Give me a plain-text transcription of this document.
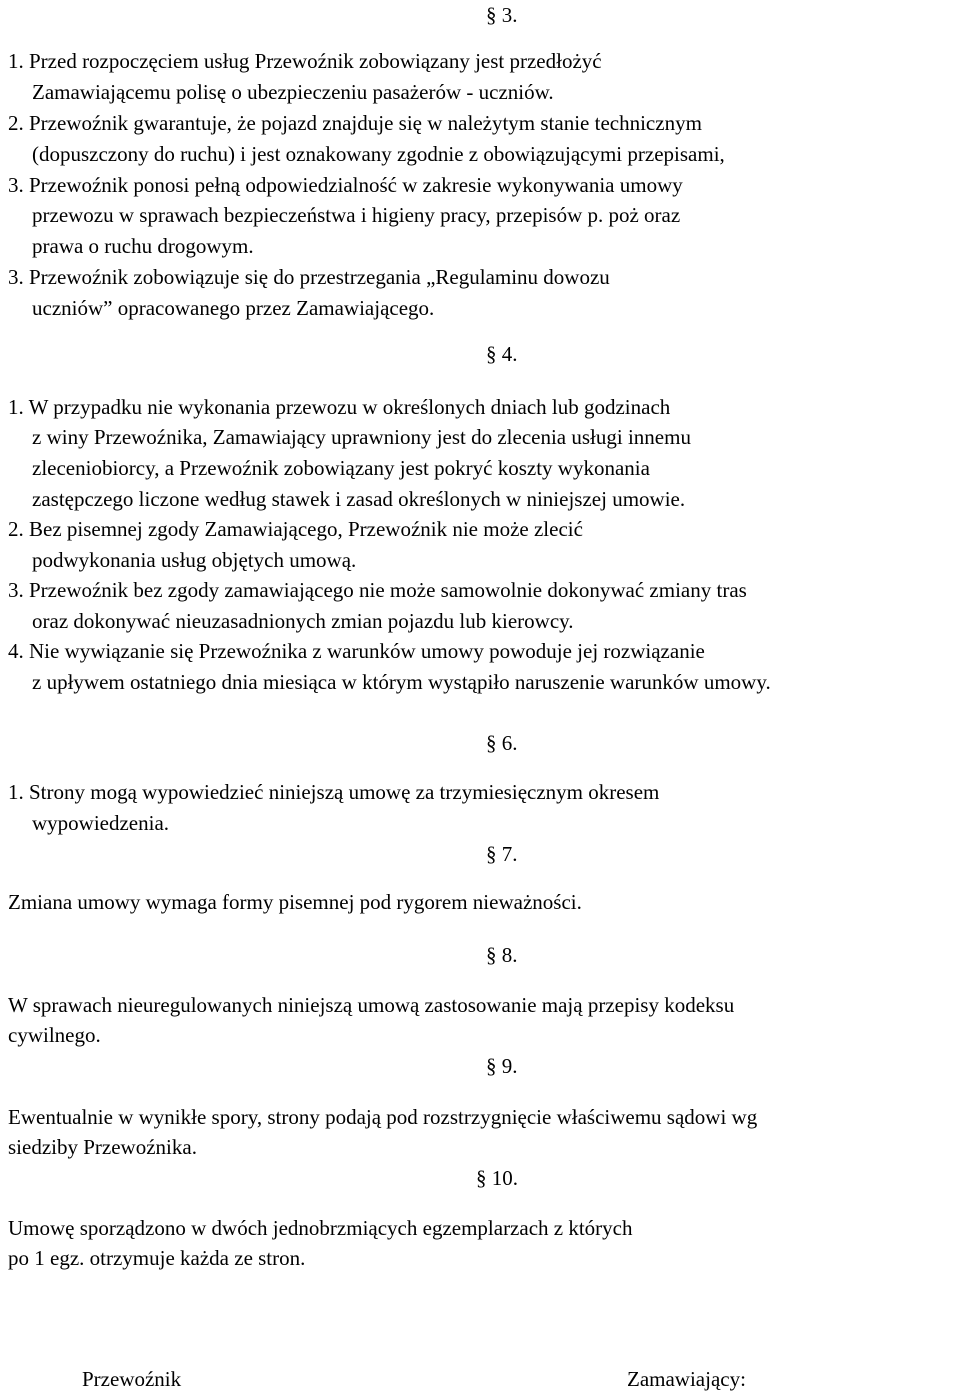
§ 3.
1. Przed rozpoczęciem usług Przewoźnik zobowiązany jest przedłożyć
Zamawiającemu polisę o ubezpieczeniu pasażerów - uczniów.
2. Przewoźnik gwarantuje, że pojazd znajduje się w należytym stanie technicznym
(dopuszczony do ruchu) i jest oznakowany zgodnie z obowiązującymi przepisami,
3. Przewoźnik ponosi pełną odpowiedzialność w zakresie wykonywania umowy
przewozu w sprawach bezpieczeństwa i higieny pracy, przepisów p. poż oraz
prawa o ruchu drogowym.
3. Przewoźnik zobowiązuje się do przestrzegania „Regulaminu dowozu
uczniów” opracowanego przez Zamawiającego.
§ 4.
1. W przypadku nie wykonania przewozu w określonych dniach lub godzinach
z winy Przewoźnika, Zamawiający uprawniony jest do zlecenia usługi innemu
zleceniobiorcy, a Przewoźnik zobowiązany jest pokryć koszty wykonania
zastępczego liczone według stawek i zasad określonych w niniejszej umowie.
2. Bez pisemnej zgody Zamawiającego, Przewoźnik nie może zlecić
podwykonania usług objętych umową.
3. Przewoźnik bez zgody zamawiającego nie może samowolnie dokonywać zmiany tras
oraz dokonywać nieuzasadnionych zmian pojazdu lub kierowcy.
4. Nie wywiązanie się Przewoźnika z warunków umowy powoduje jej rozwiązanie
z upływem ostatniego dnia miesiąca w którym wystąpiło naruszenie warunków umowy.
§ 6.
1. Strony mogą wypowiedzieć niniejszą umowę za trzymiesięcznym okresem
wypowiedzenia.
§ 7.
Zmiana umowy wymaga formy pisemnej pod rygorem nieważności.
§ 8.
W sprawach nieuregulowanych niniejszą umową zastosowanie mają przepisy kodeksu
cywilnego.
§ 9.
Ewentualnie w wynikłe spory, strony podają pod rozstrzygnięcie właściwemu sądowi wg
siedziby Przewoźnika.
§ 10.
Umowę sporządzono w dwóch jednobrzmiących egzemplarzach z których
po 1 egz. otrzymuje każda ze stron.
Przewoźnik	Zamawiający:
